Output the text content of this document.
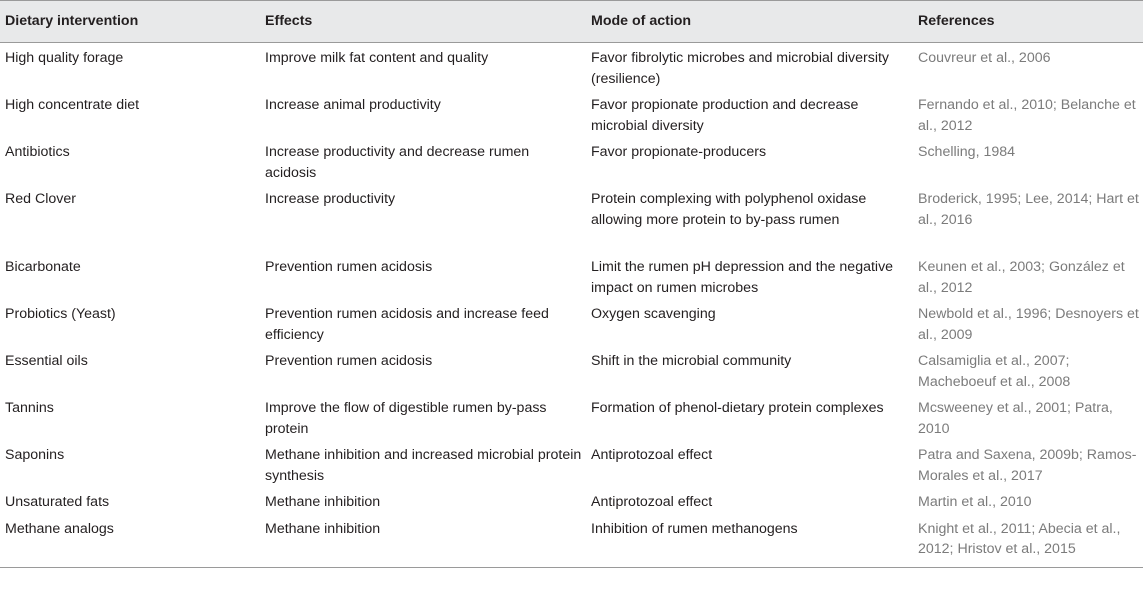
Dietary intervention	Effects	Mode of action	References
High quality forage	Improve milk fat content and quality	Favor fibrolytic microbes and microbial diversity (resilience)	Couvreur et al., 2006
High concentrate diet	Increase animal productivity	Favor propionate production and decrease microbial diversity	Fernando et al., 2010; Belanche et al., 2012
Antibiotics	Increase productivity and decrease rumen acidosis	Favor propionate-producers	Schelling, 1984
Red Clover	Increase productivity	Protein complexing with polyphenol oxidase allowing more protein to by-pass rumen	Broderick, 1995; Lee, 2014; Hart et al., 2016
Bicarbonate	Prevention rumen acidosis	Limit the rumen pH depression and the negative impact on rumen microbes	Keunen et al., 2003; González et al., 2012
Probiotics (Yeast)	Prevention rumen acidosis and increase feed efficiency	Oxygen scavenging	Newbold et al., 1996; Desnoyers et al., 2009
Essential oils	Prevention rumen acidosis	Shift in the microbial community	Calsamiglia et al., 2007; Macheboeuf et al., 2008
Tannins	Improve the flow of digestible rumen by-pass protein	Formation of phenol-dietary protein complexes	Mcsweeney et al., 2001; Patra, 2010
Saponins	Methane inhibition and increased microbial protein synthesis	Antiprotozoal effect	Patra and Saxena, 2009b; Ramos-Morales et al., 2017
Unsaturated fats	Methane inhibition	Antiprotozoal effect	Martin et al., 2010
Methane analogs	Methane inhibition	Inhibition of rumen methanogens	Knight et al., 2011; Abecia et al., 2012; Hristov et al., 2015
